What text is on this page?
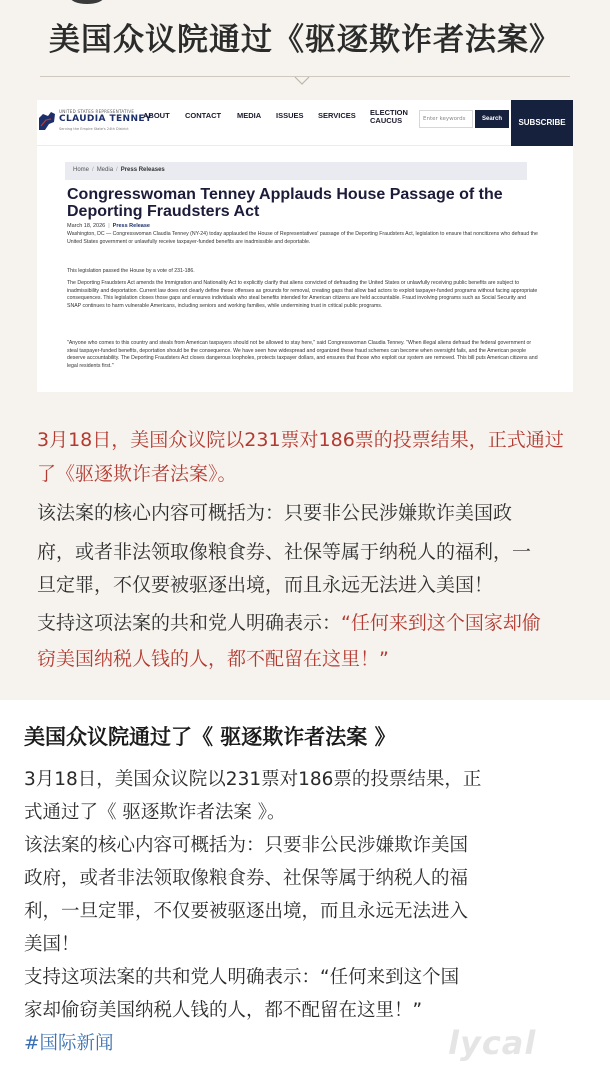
美国众议院通过《驱逐欺诈者法案》
UNITED STATES REPRESENTATIVE
CLAUDIA TENNEY
Serving the Empire State's 24th District
ABOUT CONTACT MEDIA ISSUES SERVICES ELECTION
CAUCUS	Enter keywords	Search	SUBSCRIBE
Home / Media / Press Releases
Congresswoman Tenney Applauds House Passage of the Deporting Fraudsters Act
March 18, 2026 | Press Release
Washington, DC — Congresswoman Claudia Tenney (NY-24) today applauded the House of Representatives' passage of the Deporting Fraudsters Act, legislation to ensure that noncitizens who defraud the United States government or unlawfully receive taxpayer-funded benefits are inadmissible and deportable.
This legislation passed the House by a vote of 231-186.
The Deporting Fraudsters Act amends the Immigration and Nationality Act to explicitly clarify that aliens convicted of defrauding the United States or unlawfully receiving public benefits are subject to inadmissibility and deportation. Current law does not clearly define these offenses as grounds for removal, creating gaps that allow bad actors to exploit taxpayer-funded programs without facing appropriate consequences. This legislation closes those gaps and ensures individuals who steal benefits intended for American citizens are held accountable. Fraud involving programs such as Social Security and SNAP continues to harm vulnerable Americans, including seniors and working families, while undermining trust in critical public programs.
"Anyone who comes to this country and steals from American taxpayers should not be allowed to stay here," said Congresswoman Claudia Tenney. "When illegal aliens defraud the federal government or steal taxpayer-funded benefits, deportation should be the consequence. We have seen how widespread and organized these fraud schemes can become when oversight fails, and the American people deserve accountability. The Deporting Fraudsters Act closes dangerous loopholes, protects taxpayer dollars, and ensures that those who exploit our system are removed. This bill puts American citizens and legal residents first."
3月18日，美国众议院以231票对186票的投票结果，正式通过
了《驱逐欺诈者法案》。
该法案的核心内容可概括为：只要非公民涉嫌欺诈美国政
府，或者非法领取像粮食券、社保等属于纳税人的福利，一
旦定罪，不仅要被驱逐出境，而且永远无法进入美国！
支持这项法案的共和党人明确表示：“任何来到这个国家却偷
窃美国纳税人钱的人，都不配留在这里！”
美国众议院通过了《 驱逐欺诈者法案 》
3月18日，美国众议院以231票对186票的投票结果，正
式通过了《 驱逐欺诈者法案 》。
该法案的核心内容可概括为：只要非公民涉嫌欺诈美国
政府，或者非法领取像粮食券、社保等属于纳税人的福
利，一旦定罪，不仅要被驱逐出境，而且永远无法进入
美国！
支持这项法案的共和党人明确表示：“任何来到这个国
家却偷窃美国纳税人钱的人，都不配留在这里！”
#国际新闻	lycal
